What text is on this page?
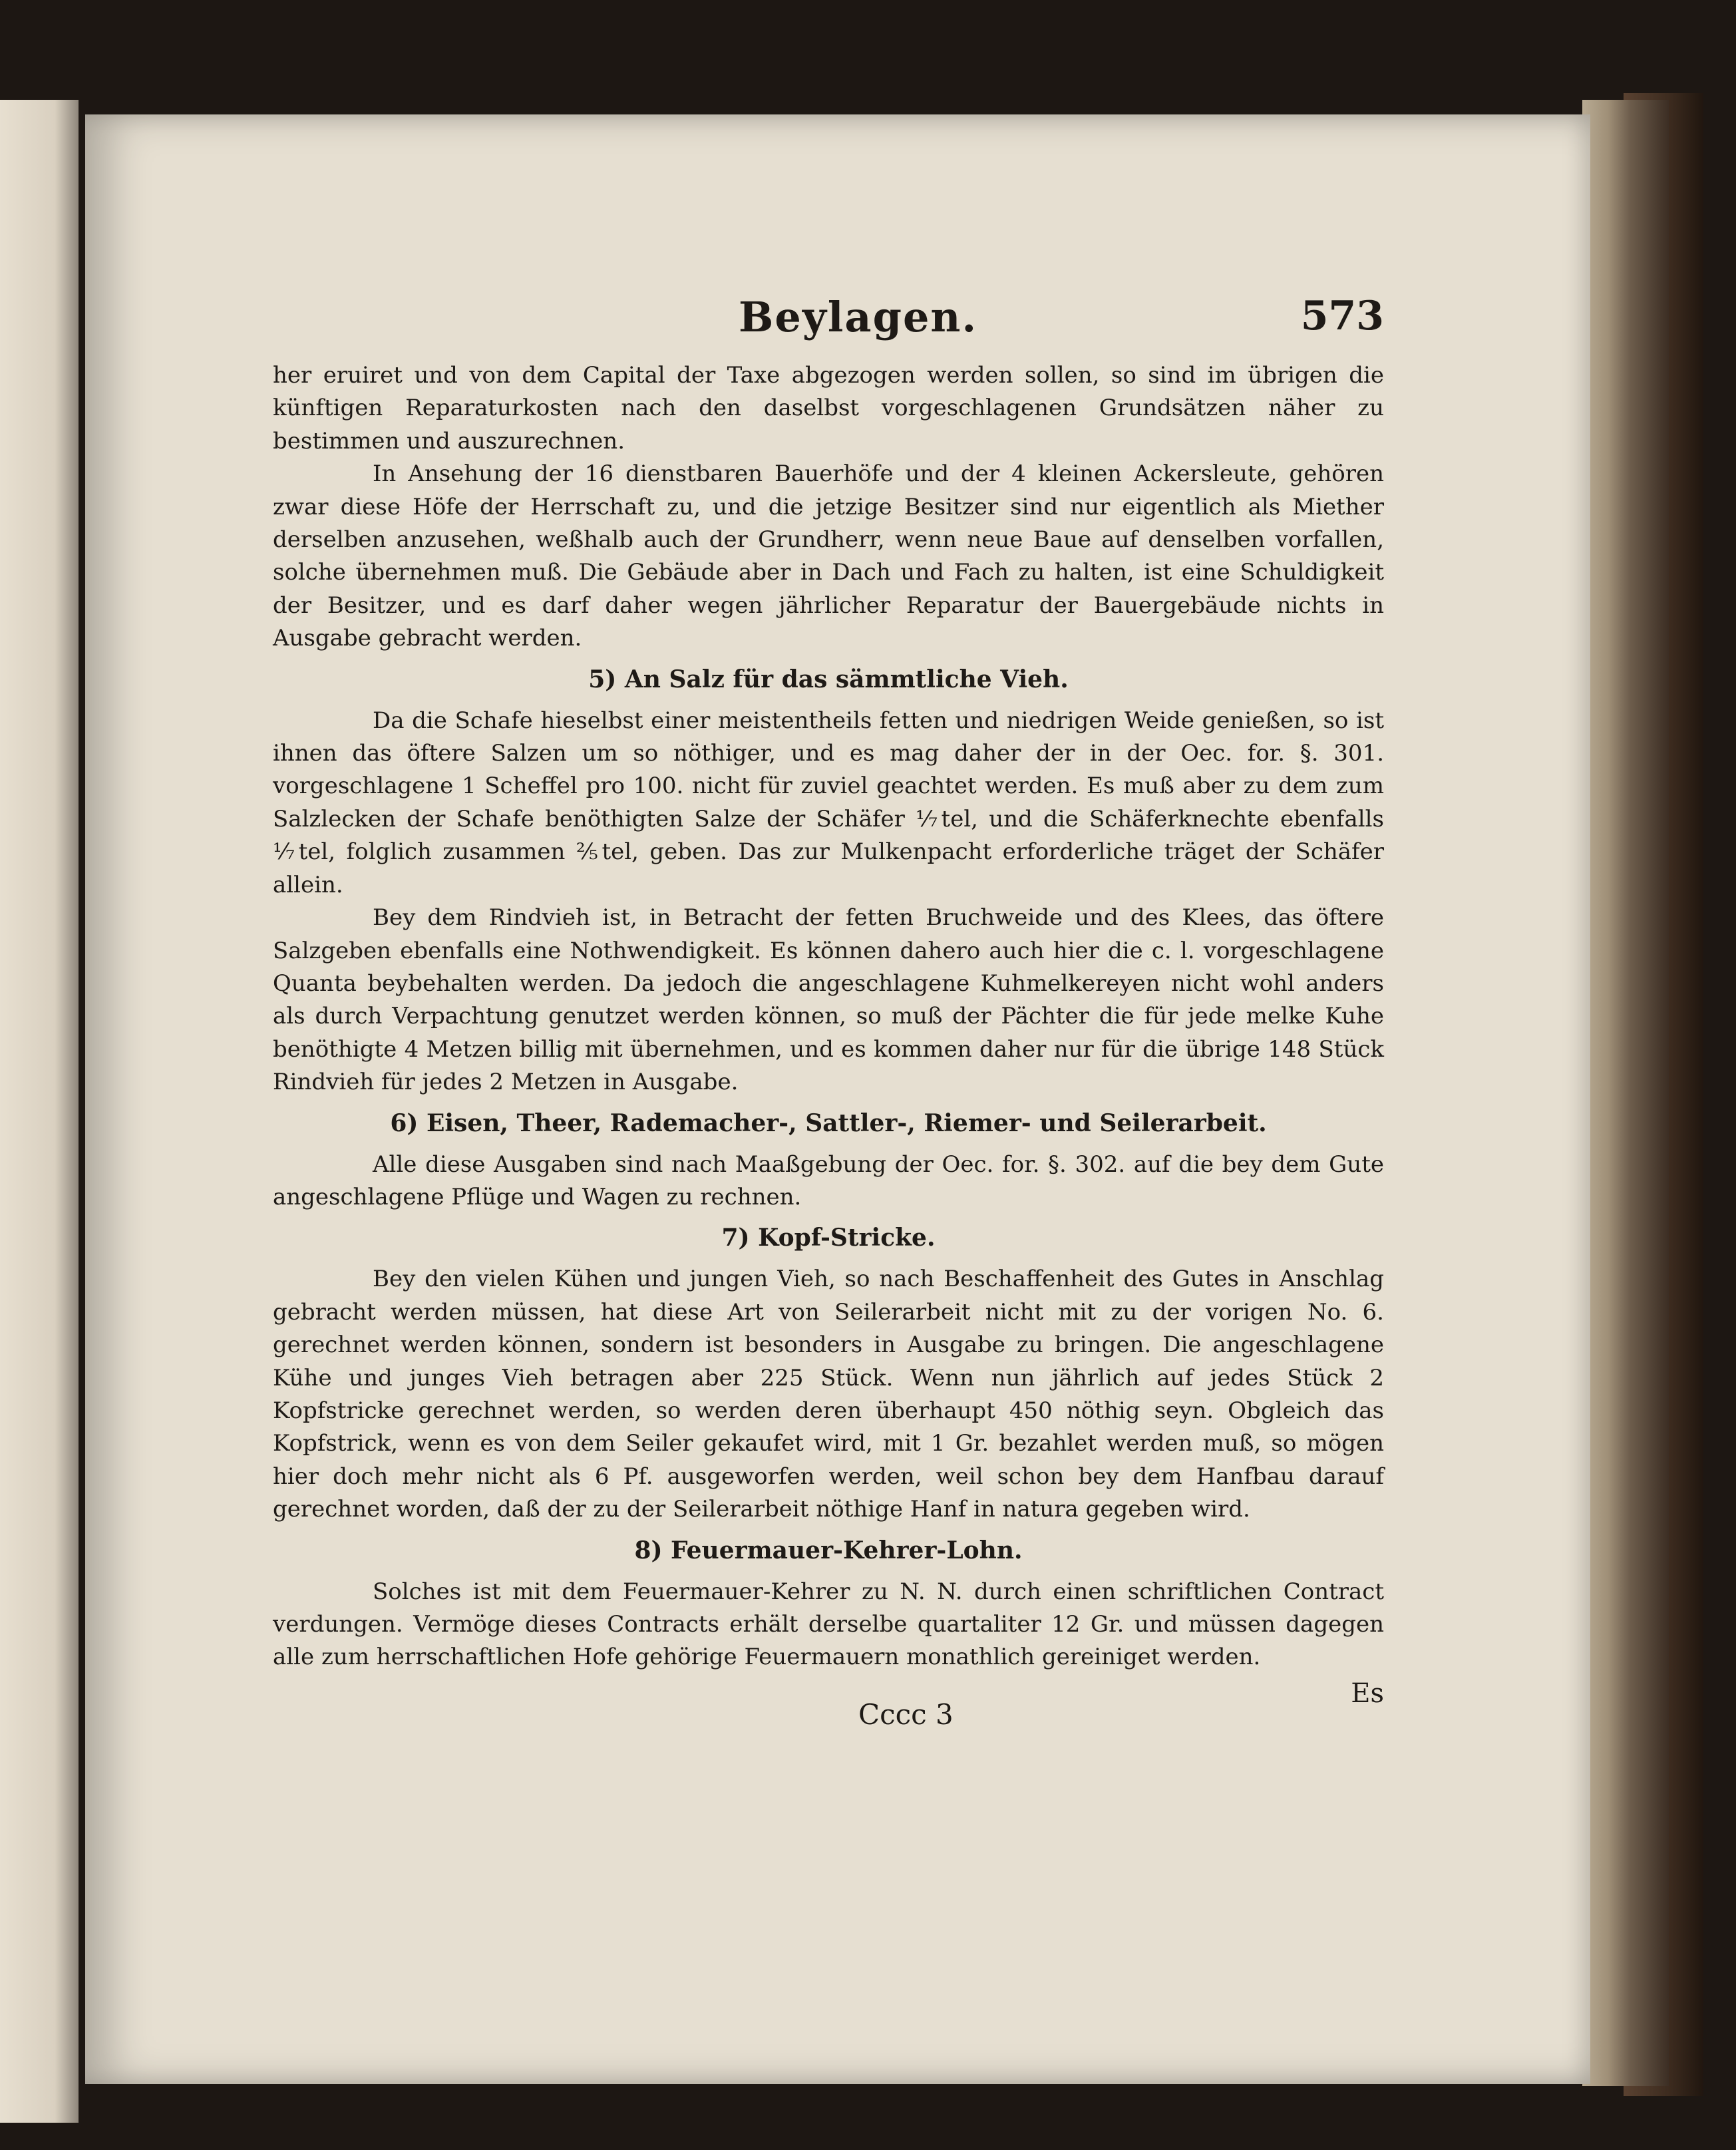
Beylagen.	573

her eruiret und von dem Capital der Taxe abgezogen werden sollen, so sind im übrigen die künftigen Reparaturkosten nach den daselbst vorgeschlagenen Grundsätzen näher zu bestimmen und auszurechnen.

In Ansehung der 16 dienstbaren Bauerhöfe und der 4 kleinen Ackersleute, gehören zwar diese Höfe der Herrschaft zu, und die jetzige Besitzer sind nur eigentlich als Miether derselben anzusehen, weßhalb auch der Grundherr, wenn neue Baue auf denselben vorfallen, solche übernehmen muß. Die Gebäude aber in Dach und Fach zu halten, ist eine Schuldigkeit der Besitzer, und es darf daher wegen jährlicher Reparatur der Bauergebäude nichts in Ausgabe gebracht werden.

5) An Salz für das sämmtliche Vieh.

Da die Schafe hieselbst einer meistentheils fetten und niedrigen Weide genießen, so ist ihnen das öftere Salzen um so nöthiger, und es mag daher der in der Oec. for. §. 301. vorgeschlagene 1 Scheffel pro 100. nicht für zuviel geachtet werden. Es muß aber zu dem zum Salzlecken der Schafe benöthigten Salze der Schäfer ⅐tel, und die Schäferknechte ebenfalls ⅐tel, folglich zusammen ⅖tel, geben. Das zur Mulkenpacht erforderliche träget der Schäfer allein.

Bey dem Rindvieh ist, in Betracht der fetten Bruchweide und des Klees, das öftere Salzgeben ebenfalls eine Nothwendigkeit. Es können dahero auch hier die c. l. vorgeschlagene Quanta beybehalten werden. Da jedoch die angeschlagene Kuhmelkereyen nicht wohl anders als durch Verpachtung genutzet werden können, so muß der Pächter die für jede melke Kuhe benöthigte 4 Metzen billig mit übernehmen, und es kommen daher nur für die übrige 148 Stück Rindvieh für jedes 2 Metzen in Ausgabe.

6) Eisen, Theer, Rademacher-, Sattler-, Riemer- und Seilerarbeit.

Alle diese Ausgaben sind nach Maaßgebung der Oec. for. §. 302. auf die bey dem Gute angeschlagene Pflüge und Wagen zu rechnen.

7) Kopf-Stricke.

Bey den vielen Kühen und jungen Vieh, so nach Beschaffenheit des Gutes in Anschlag gebracht werden müssen, hat diese Art von Seilerarbeit nicht mit zu der vorigen No. 6. gerechnet werden können, sondern ist besonders in Ausgabe zu bringen. Die angeschlagene Kühe und junges Vieh betragen aber 225 Stück. Wenn nun jährlich auf jedes Stück 2 Kopfstricke gerechnet werden, so werden deren überhaupt 450 nöthig seyn. Obgleich das Kopfstrick, wenn es von dem Seiler gekaufet wird, mit 1 Gr. bezahlet werden muß, so mögen hier doch mehr nicht als 6 Pf. ausgeworfen werden, weil schon bey dem Hanfbau darauf gerechnet worden, daß der zu der Seilerarbeit nöthige Hanf in natura gegeben wird.

8) Feuermauer-Kehrer-Lohn.

Solches ist mit dem Feuermauer-Kehrer zu N. N. durch einen schriftlichen Contract verdungen. Vermöge dieses Contracts erhält derselbe quartaliter 12 Gr. und müssen dagegen alle zum herrschaftlichen Hofe gehörige Feuermauern monathlich gereiniget werden.

Cccc 3
Es
